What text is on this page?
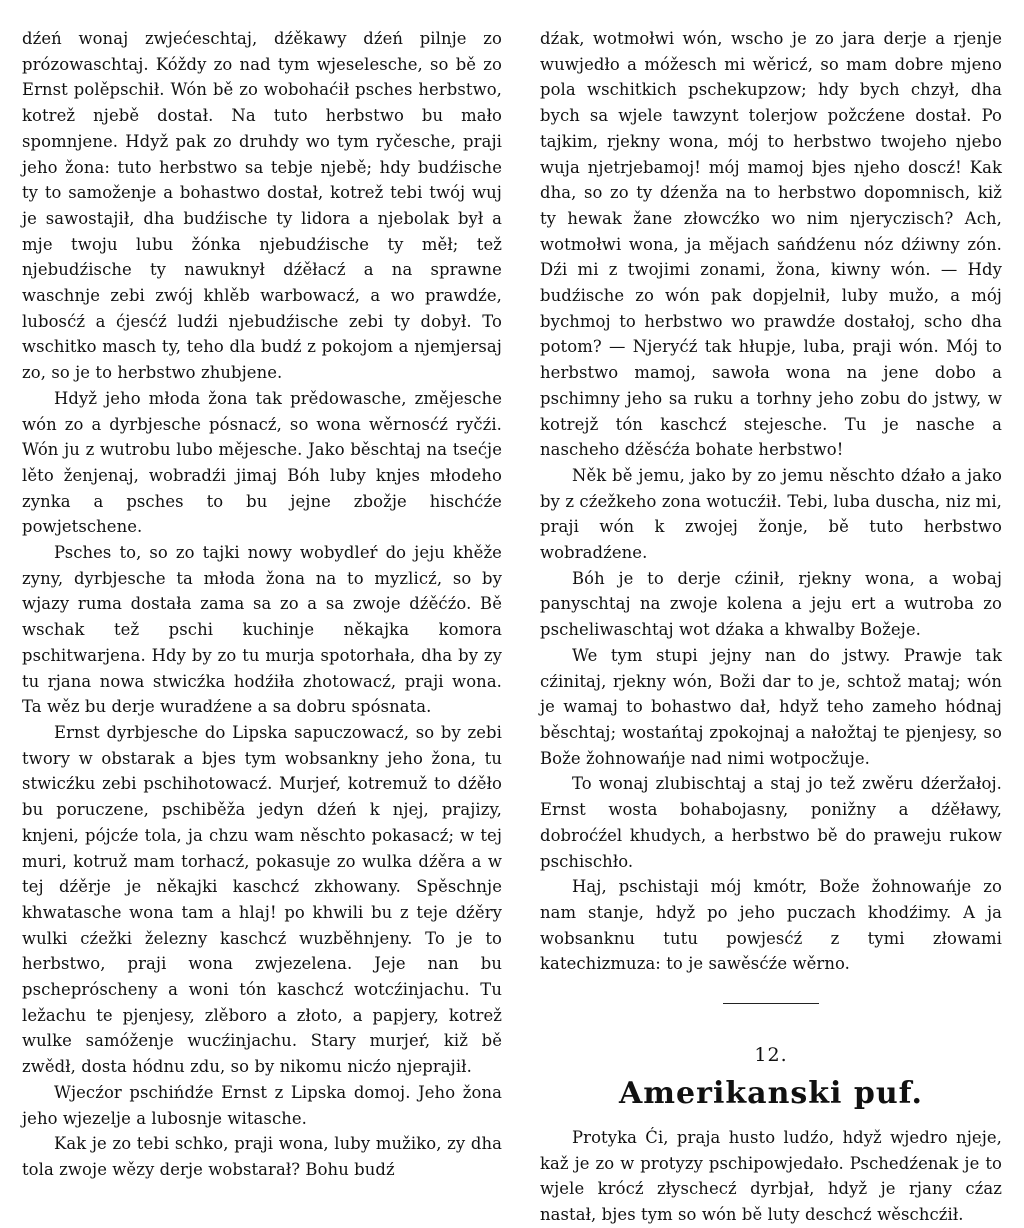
dźeń wonaj zwjećeschtaj, dźěkawy dźeń pilnje zo prózowaschtaj. Kóždy zo nad tym wjeseleschе, so bě zo Ernst polěpschił. Wón bě zo wobohaćił psches herbstwo, kotrež njebě dostał. Na tuto herbstwo bu mało spomnjene. Hdyž pak zo druhdy wo tym ryčeschе, praji jeho žona: tuto herbstwo sa tebje njebě; hdy budźische ty to samoženje a bohastwo dostał, kotrež tebi twój wuj je sawostajił, dha budźische ty lidora a njebolak był a mje twoju lubu žónka njebudźische ty měł; tež njebudźische ty nawuknył dźěłacź a na sprawne waschnje zebi zwój khlěb warbowacź, a wo prawdźe, lubosćź a ćjesćź ludźi njebudźische zebi ty dobył. To wschitko masch ty, teho dla budź z pokojom a njemjersaj zo, so je to herbstwo zhubjene.

Hdyž jeho młoda žona tak prědowasche, změjesche wón zo a dyrbjesche pósnacź, so wona wěrnosćź ryčźi. Wón ju z wutrobu lubo mějesche. Jako běschtaj na tsećje lěto ženjenaj, wobradźi jimaj Bóh luby knjes młodeho zynka a psches to bu jejne zbožje hischćźe powjetschene.

Psches to, so zo tajki nowy wobydleŕ do jeju khěže zyny, dyrbjesche ta młoda žona na to myzlicź, so by wjazy ruma dostała zama sa zo a sa zwoje dźěćźo. Bě wschak tež pschi kuchinje někajka komora pschitwarjena. Hdy by zo tu murja spotorhała, dha by zy tu rjana nowa stwicźka hodźiła zhotowacź, praji wona. Ta wěz bu derje wuradźene a sa dobru spósnata.

Ernst dyrbjesche do Lipska sapuczowacź, so by zebi twory w obstarak a bjes tym wobsankny jeho žona, tu stwicźku zebi pschihotowacź. Murjeŕ, kotremuž to dźěło bu poruczene, pschiběža jedyn dźeń k njej, prajizy, knjeni, pójcźe tola, ja chzu wam něschto pokasacź; w tej muri, kotruž mam torhacź, pokasuje zo wulka dźěra a w tej dźěrje je někajki kaschcź zkhowany. Spěschnje khwatasche wona tam a hlaj! po khwili bu z teje dźěry wulki cźežki železny kaschcź wuzběhnjeny. To je to herbstwo, praji wona zwjezelena. Jeje nan bu pschepróschеny a woni tón kaschcź wotcźinjachu. Tu ležachu te pjenjesy, zlěboro a złoto, a papjery, kotrež wulke samóženje wucźinjachu. Stary murjeŕ, kiž bě zwědł, dosta hódnu zdu, so by nikomu nicźo njeprajił.

Wjecźor pschińdźe Ernst z Lipska domoj. Jeho žona jeho wjezelje a lubosnje witasche.

Kak je zo tebi schko, praji wona, luby mužiko, zy dha tola zwoje wězy derje wobstarał? Bohu budź

dźak, wotmołwi wón, wscho je zo jara derje a rjenje wuwjedło a móžesch mi wěricź, so mam dobre mjeno pola wschitkich pschekupzow; hdy bych chzył, dha bych sa wjele tawzynt tolerjow požcźene dostał. Po tajkim, rjekny wona, mój to herbstwo twojeho njebo wuja njetrjebamoj! mój mamoj bjes njeho doscź! Kak dha, so zo ty dźenža na to herbstwo dopomnisch, kiž ty hewak žane złowcźko wo nim njeryczisch? Ach, wotmołwi wona, ja mějach sańdźenu nóz dźiwny zón. Dźi mi z twojimi zonami, žona, kiwny wón. — Hdy budźische zo wón pak dopjelnił, luby mužo, a mój bychmoj to herbstwo wo prawdźe dostałoj, scho dha potom? — Njeryćź tak hłupje, luba, praji wón. Mój to herbstwo mamoj, sawoła wona na jene dobo a pschimny jeho sa ruku a torhny jeho zobu do jstwy, w kotrejž tón kaschcź stejesche. Tu je nasche a naschеho dźěsćźa bohate herbstwo!

Něk bě jemu, jako by zo jemu něschto dźało a jako by z cźežkeho zona wotucźił. Tebi, luba duscha, niz mi, praji wón k zwojej žonje, bě tuto herbstwo wobradźene.

Bóh je to derje cźinił, rjekny wona, a wobaj panyschtaj na zwoje kolena a jeju ert a wutroba zo pschеliwaschtaj wot dźaka a khwalby Božeje.

We tym stupi jejny nan do jstwy. Prawje tak cźinitaj, rjekny wón, Boži dar to je, schtož mataj; wón je wamaj to bohastwo dał, hdyž teho zameho hódnaj běschtaj; wostańtaj zpokojnaj a nałožtaj te pjenjesy, so Bože žohnowańje nad nimi wotpocžuje.

To wonaj zlubischtaj a staj jo tež zwěru dźeržałoj. Ernst wosta bohabojasny, ponižny a dźěławy, dobroćźel khudych, a herbstwo bě do praweju rukow pschischło.

Haj, pschistaji mój kmótr, Bože žohnowańje zo nam stanje, hdyž po jeho puczach khodźimy. A ja wobsanknu tutu powjesćź z tymi złowami katechizmuza: to je sawěsćźe wěrno.

12.
Amerikanski puf.

Protyka Ći, praja husto ludźo, hdyž wjedro njeje, kaž je zo w protyzy pschipowjedało. Pschedźenak je to wjele krócź złyschecź dyrbjał, hdyž je rjany cźaz nastał, bjes tym so wón bě luty deschcź wěschcźił.
